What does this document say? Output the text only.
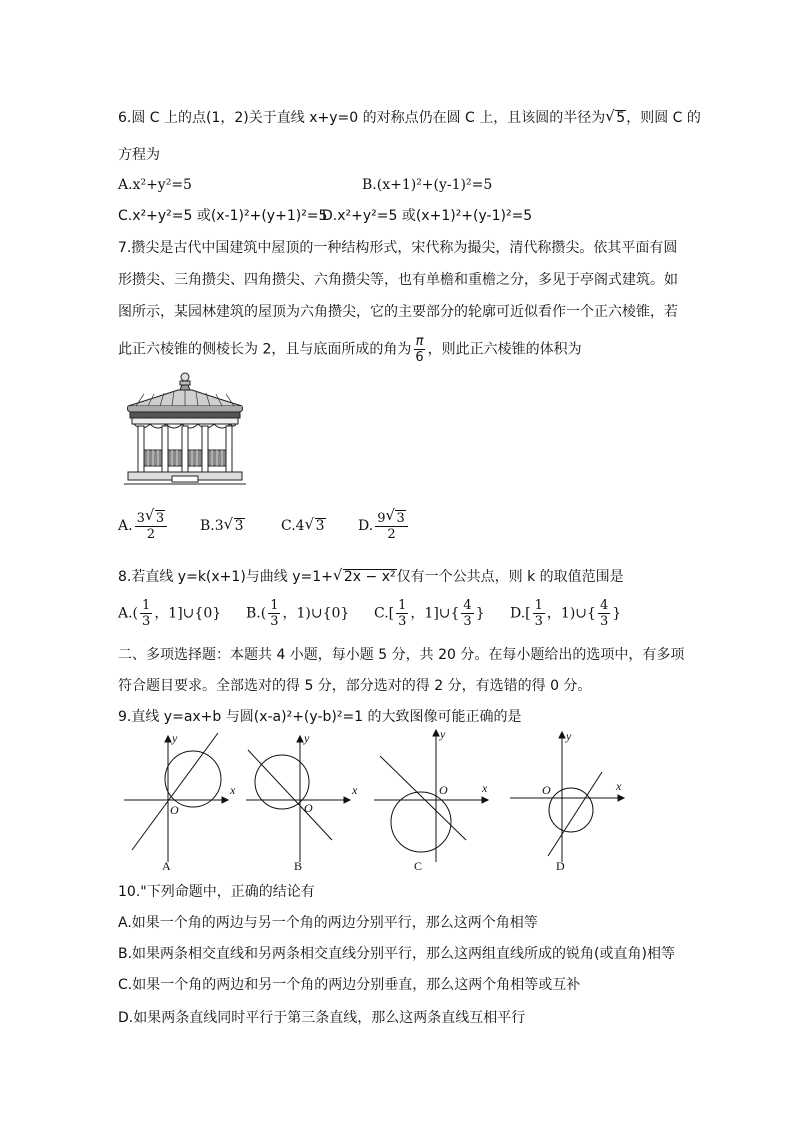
6.圆 C 上的点(1，2)关于直线 x+y=0 的对称点仍在圆 C 上，且该圆的半径为√ 5，则圆 C 的
方程为
A.x²+y²=5	B.(x+1)²+(y-1)²=5
C.x²+y²=5 或(x-1)²+(y+1)²=5
D.x²+y²=5 或(x+1)²+(y-1)²=5
7.攒尖是古代中国建筑中屋顶的一种结构形式，宋代称为撮尖，清代称攒尖。依其平面有圆
形攒尖、三角攒尖、四角攒尖、六角攒尖等，也有单檐和重檐之分，多见于亭阁式建筑。如
图所示，某园林建筑的屋顶为六角攒尖，它的主要部分的轮廓可近似看作一个正六棱锥，若
此正六棱锥的侧棱长为 2，且与底面所成的角为 $\frac{\pi}{6}$ ，则此正六棱锥的体积为
A. $\frac{3√ 3}{2} B.3√$ 3	C.4√ 3 D. $\frac{9√ 3}{2}$
8.若直线 y=k(x+1)与曲线 y=1+√ 2x − x²仅有一个公共点，则 k 的取值范围是
$A.( \frac{1}{3}$ ，1]∪{0} $B.( \frac{1}{3}$ ，1)∪{0} $C.[ \frac{1}{3}$ ，1]∪{ $\frac{4}{3}$ } $D.[ \frac{1}{3}$ ，1)∪{ $\frac{4}{3}$ }
二、多项选择题：本题共 4 小题，每小题 5 分，共 20 分。在每小题给出的选项中，有多项
符合题目要求。全部选对的得 5 分，部分选对的得 2 分，有选错的得 0 分。
9.直线 y=ax+b 与圆(x-a)²+(y-b)²=1 的大致图像可能正确的是
x
y
O
x
y
O
x
y
O	x
y
O
A	B	C	D
10."下列命题中，正确的结论有
A.如果一个角的两边与另一个角的两边分别平行，那么这两个角相等
B.如果两条相交直线和另两条相交直线分别平行，那么这两组直线所成的锐角(或直角)相等
C.如果一个角的两边和另一个角的两边分别垂直，那么这两个角相等或互补
D.如果两条直线同时平行于第三条直线，那么这两条直线互相平行
